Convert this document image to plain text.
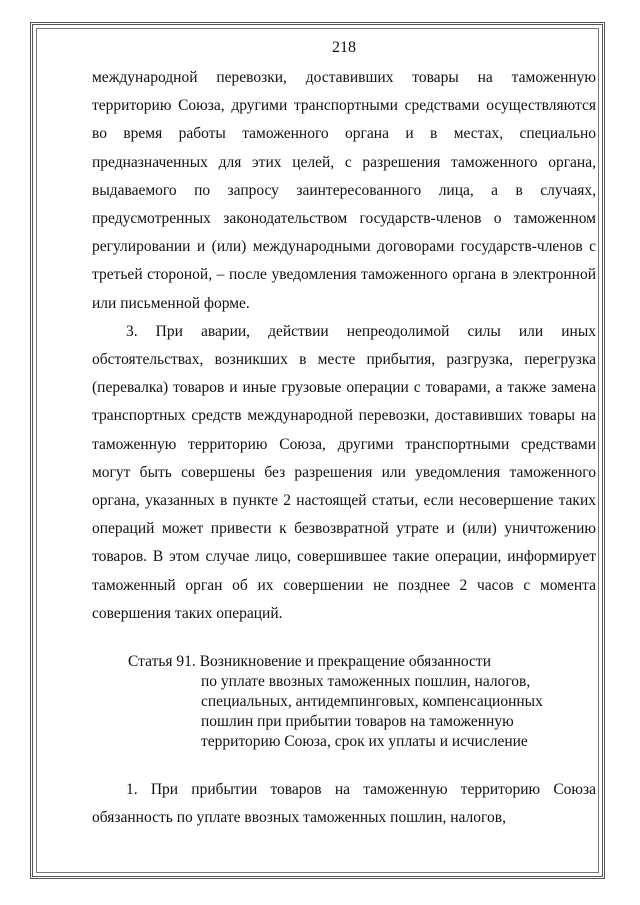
218

международной перевозки, доставивших товары на таможенную территорию Союза, другими транспортными средствами осуществляются во время работы таможенного органа и в местах, специально предназначенных для этих целей, с разрешения таможенного органа, выдаваемого по запросу заинтересованного лица, а в случаях, предусмотренных законодательством государств-членов о таможенном регулировании и (или) международными договорами государств-членов с третьей стороной, – после уведомления таможенного органа в электронной или письменной форме.

3. При аварии, действии непреодолимой силы или иных обстоятельствах, возникших в месте прибытия, разгрузка, перегрузка (перевалка) товаров и иные грузовые операции с товарами, а также замена транспортных средств международной перевозки, доставивших товары на таможенную территорию Союза, другими транспортными средствами могут быть совершены без разрешения или уведомления таможенного органа, указанных в пункте 2 настоящей статьи, если несовершение таких операций может привести к безвозвратной утрате и (или) уничтожению товаров. В этом случае лицо, совершившее такие операции, информирует таможенный орган об их совершении не позднее 2 часов с момента совершения таких операций.

Статья 91. Возникновение и прекращение обязанности
по уплате ввозных таможенных пошлин, налогов,
специальных, антидемпинговых, компенсационных
пошлин при прибытии товаров на таможенную
территорию Союза, срок их уплаты и исчисление

1. При прибытии товаров на таможенную территорию Союза обязанность по уплате ввозных таможенных пошлин, налогов,
